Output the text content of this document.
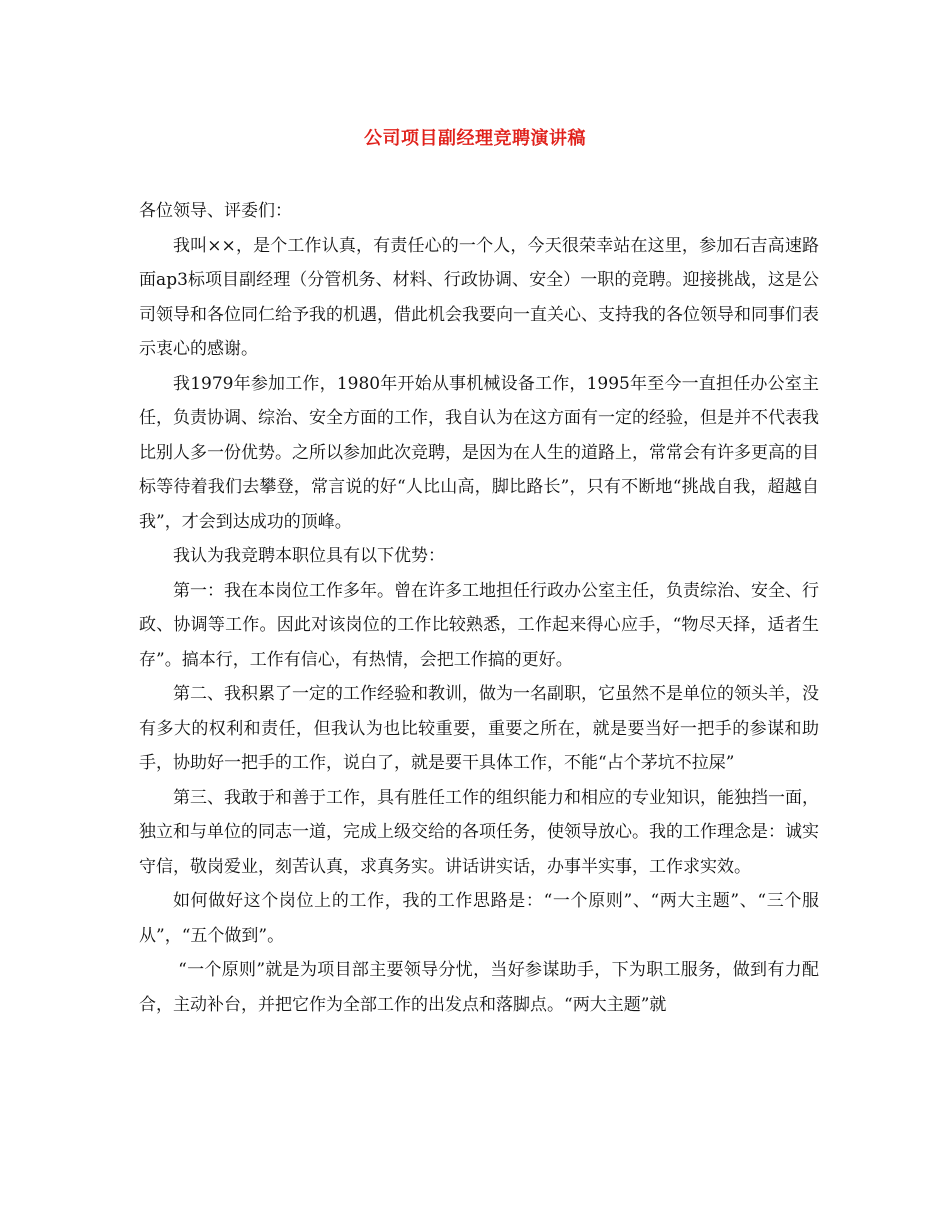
公司项目副经理竞聘演讲稿

各位领导、评委们：

我叫××，是个工作认真，有责任心的一个人，今天很荣幸站在这里，参加石吉高速路面ap3标项目副经理（分管机务、材料、行政协调、安全）一职的竞聘。迎接挑战，这是公司领导和各位同仁给予我的机遇，借此机会我要向一直关心、支持我的各位领导和同事们表示衷心的感谢。

我1979年参加工作，1980年开始从事机械设备工作，1995年至今一直担任办公室主任，负责协调、综治、安全方面的工作，我自认为在这方面有一定的经验，但是并不代表我比别人多一份优势。之所以参加此次竞聘，是因为在人生的道路上，常常会有许多更高的目标等待着我们去攀登，常言说的好“人比山高，脚比路长”，只有不断地“挑战自我，超越自我”，才会到达成功的顶峰。

我认为我竞聘本职位具有以下优势：

第一：我在本岗位工作多年。曾在许多工地担任行政办公室主任，负责综治、安全、行政、协调等工作。因此对该岗位的工作比较熟悉，工作起来得心应手，“物尽天择，适者生存”。搞本行，工作有信心，有热情，会把工作搞的更好。

第二、我积累了一定的工作经验和教训，做为一名副职，它虽然不是单位的领头羊，没有多大的权利和责任，但我认为也比较重要，重要之所在，就是要当好一把手的参谋和助手，协助好一把手的工作，说白了，就是要干具体工作，不能“占个茅坑不拉屎”

第三、我敢于和善于工作，具有胜任工作的组织能力和相应的专业知识，能独挡一面，独立和与单位的同志一道，完成上级交给的各项任务，使领导放心。我的工作理念是：诚实守信，敬岗爱业，刻苦认真，求真务实。讲话讲实话，办事半实事，工作求实效。

如何做好这个岗位上的工作，我的工作思路是：“一个原则”、“两大主题”、“三个服从”，“五个做到”。

“一个原则”就是为项目部主要领导分忧，当好参谋助手，下为职工服务，做到有力配合，主动补台，并把它作为全部工作的出发点和落脚点。“两大主题”就
